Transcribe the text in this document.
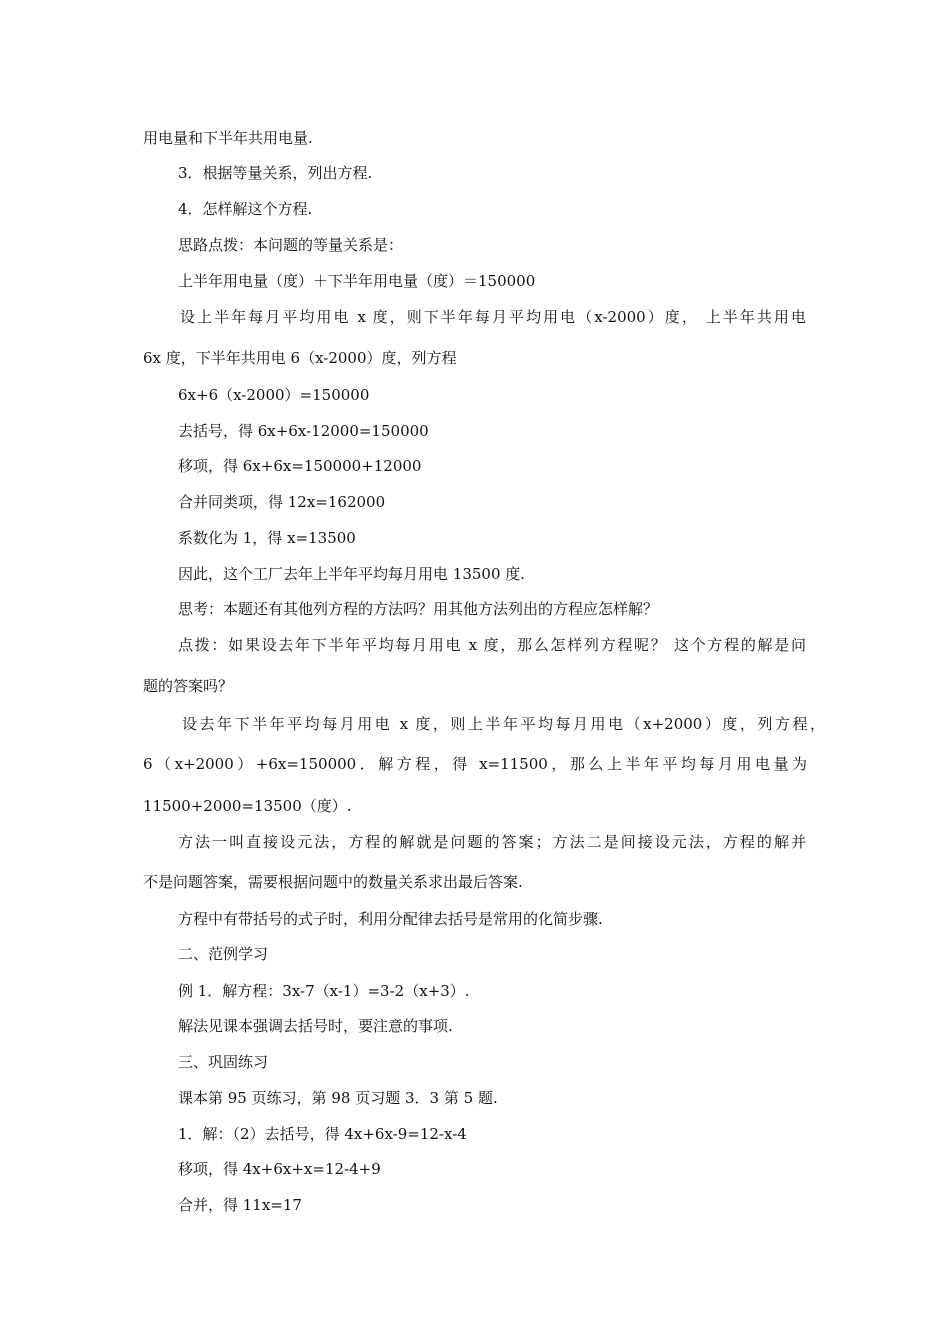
用电量和下半年共用电量.
3．根据等量关系，列出方程.
4．怎样解这个方程.
思路点拨：本问题的等量关系是：
上半年用电量（度）＋下半年用电量（度）＝150000
设上半年每月平均用电 x 度，则下半年每月平均用电（x-2000）度， 上半年共用电
6x 度，下半年共用电 6（x-2000）度，列方程
6x+6（x-2000）=150000
去括号，得 6x+6x-12000=150000
移项，得 6x+6x=150000+12000
合并同类项，得 12x=162000
系数化为 1，得 x=13500
因此，这个工厂去年上半年平均每月用电 13500 度.
思考：本题还有其他列方程的方法吗？用其他方法列出的方程应怎样解？
点拨：如果设去年下半年平均每月用电 x 度，那么怎样列方程呢？ 这个方程的解是问
题的答案吗？
设去年下半年平均每月用电 x 度，则上半年平均每月用电（x+2000）度，列方程，
6（x+2000）+6x=150000．解方程，得 x=11500，那么上半年平均每月用电量为
11500+2000=13500（度）.
方法一叫直接设元法，方程的解就是问题的答案；方法二是间接设元法，方程的解并
不是问题答案，需要根据问题中的数量关系求出最后答案.
方程中有带括号的式子时，利用分配律去括号是常用的化简步骤.
二、范例学习
例 1．解方程：3x-7（x-1）=3-2（x+3）.
解法见课本强调去括号时，要注意的事项.
三、巩固练习
课本第 95 页练习，第 98 页习题 3．3 第 5 题.
1．解：（2）去括号，得 4x+6x-9=12-x-4
移项，得 4x+6x+x=12-4+9
合并，得 11x=17
